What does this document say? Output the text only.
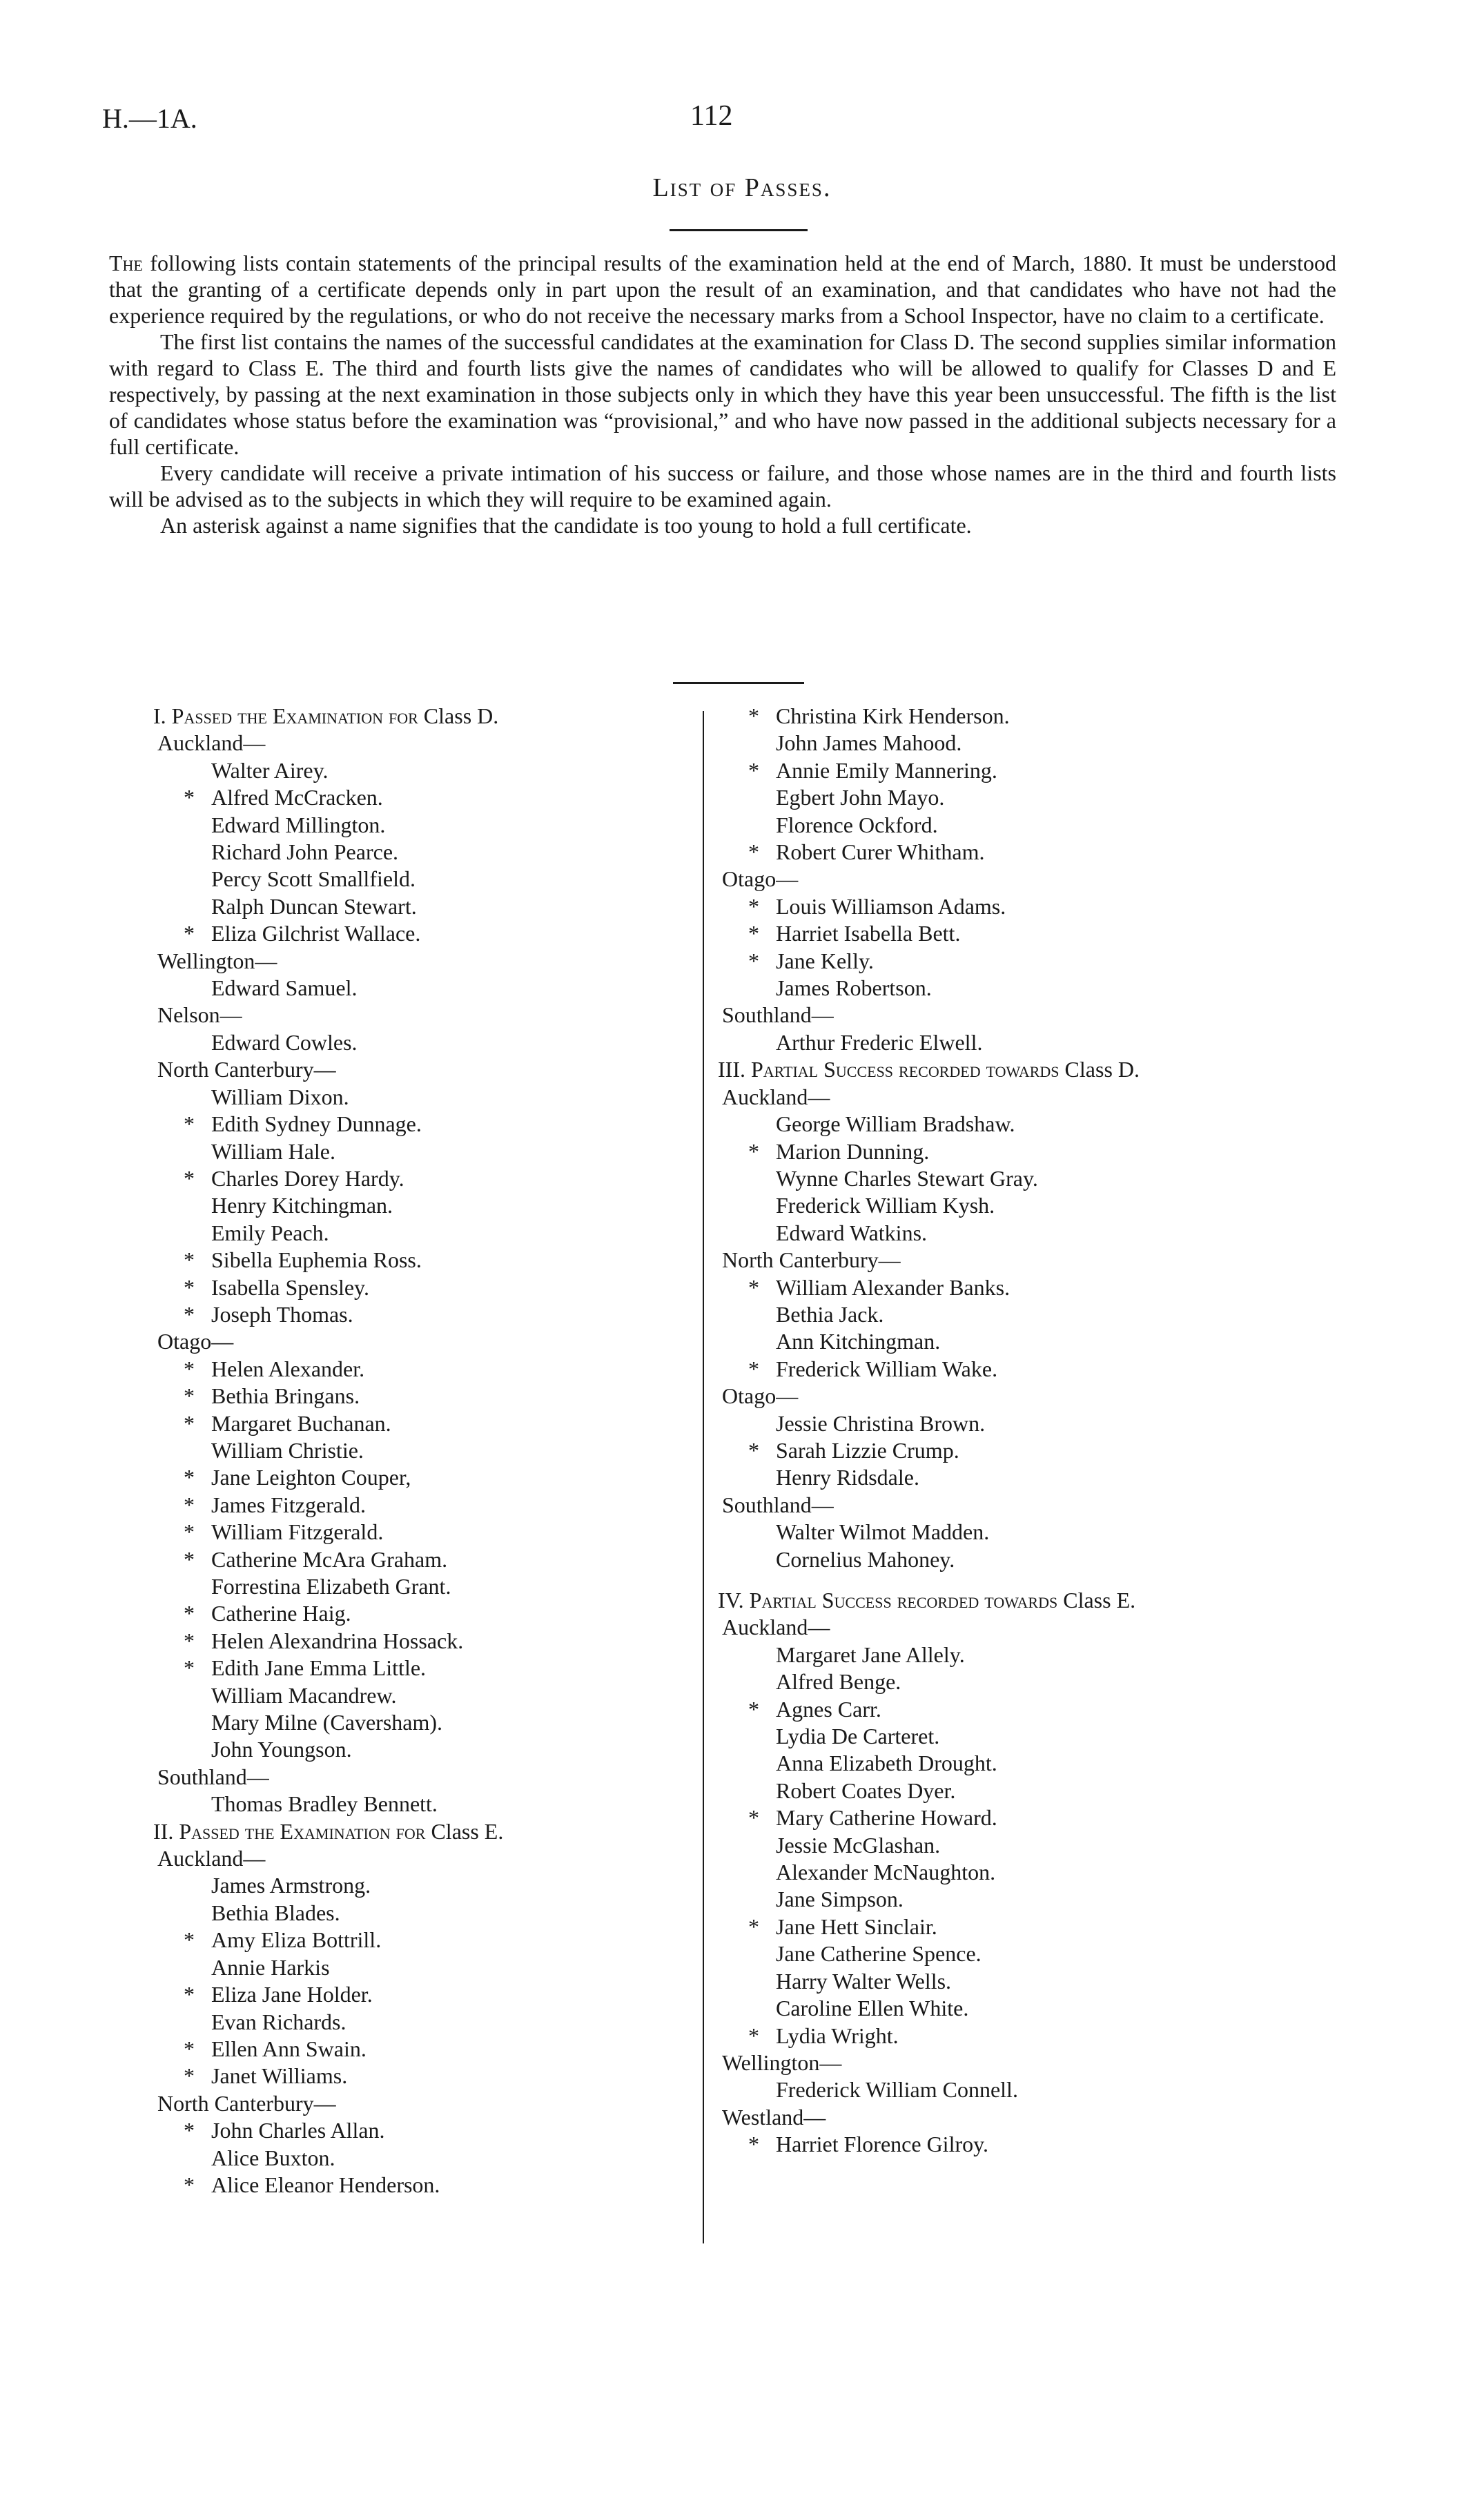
H.—1A.	112
List of Passes.

The following lists contain statements of the principal results of the examination held at the end of March, 1880. It must be understood that the granting of a certificate depends only in part upon the result of an examination, and that candidates who have not had the experience required by the regulations, or who do not receive the necessary marks from a School Inspector, have no claim to a certificate.

The first list contains the names of the successful candidates at the examination for Class D. The second supplies similar information with regard to Class E. The third and fourth lists give the names of candidates who will be allowed to qualify for Classes D and E respectively, by passing at the next examination in those subjects only in which they have this year been unsuccessful. The fifth is the list of candidates whose status before the examination was “provisional,” and who have now passed in the additional subjects necessary for a full certificate.

Every candidate will receive a private intimation of his success or failure, and those whose names are in the third and fourth lists will be advised as to the subjects in which they will require to be examined again.

An asterisk against a name signifies that the candidate is too young to hold a full certificate.

I. Passed the Examination for Class D.
Auckland—
Walter Airey.
* Alfred McCracken.
Edward Millington.
Richard John Pearce.
Percy Scott Smallfield.
Ralph Duncan Stewart.
* Eliza Gilchrist Wallace.
Wellington—
Edward Samuel.
Nelson—
Edward Cowles.
North Canterbury—
William Dixon.
* Edith Sydney Dunnage.
William Hale.
* Charles Dorey Hardy.
Henry Kitchingman.
Emily Peach.
* Sibella Euphemia Ross.
* Isabella Spensley.
* Joseph Thomas.
Otago—
* Helen Alexander.
* Bethia Bringans.
* Margaret Buchanan.
William Christie.
* Jane Leighton Couper,
* James Fitzgerald.
* William Fitzgerald.
* Catherine McAra Graham.
Forrestina Elizabeth Grant.
* Catherine Haig.
* Helen Alexandrina Hossack.
* Edith Jane Emma Little.
William Macandrew.
Mary Milne (Caversham).
John Youngson.
Southland—
Thomas Bradley Bennett.
II. Passed the Examination for Class E.
Auckland—
James Armstrong.
Bethia Blades.
* Amy Eliza Bottrill.
Annie Harkis
* Eliza Jane Holder.
Evan Richards.
* Ellen Ann Swain.
* Janet Williams.
North Canterbury—
* John Charles Allan.
Alice Buxton.
* Alice Eleanor Henderson.
* Christina Kirk Henderson.
John James Mahood.
* Annie Emily Mannering.
Egbert John Mayo.
Florence Ockford.
* Robert Curer Whitham.
Otago—
* Louis Williamson Adams.
* Harriet Isabella Bett.
* Jane Kelly.
James Robertson.
Southland—
Arthur Frederic Elwell.
III. Partial Success recorded towards Class D.
Auckland—
George William Bradshaw.
* Marion Dunning.
Wynne Charles Stewart Gray.
Frederick William Kysh.
Edward Watkins.
North Canterbury—
* William Alexander Banks.
Bethia Jack.
Ann Kitchingman.
* Frederick William Wake.
Otago—
Jessie Christina Brown.
* Sarah Lizzie Crump.
Henry Ridsdale.
Southland—
Walter Wilmot Madden.
Cornelius Mahoney.
IV. Partial Success recorded towards Class E.
Auckland—
Margaret Jane Allely.
Alfred Benge.
* Agnes Carr.
Lydia De Carteret.
Anna Elizabeth Drought.
Robert Coates Dyer.
* Mary Catherine Howard.
Jessie McGlashan.
Alexander McNaughton.
Jane Simpson.
* Jane Hett Sinclair.
Jane Catherine Spence.
Harry Walter Wells.
Caroline Ellen White.
* Lydia Wright.
Wellington—
Frederick William Connell.
Westland—
* Harriet Florence Gilroy.
